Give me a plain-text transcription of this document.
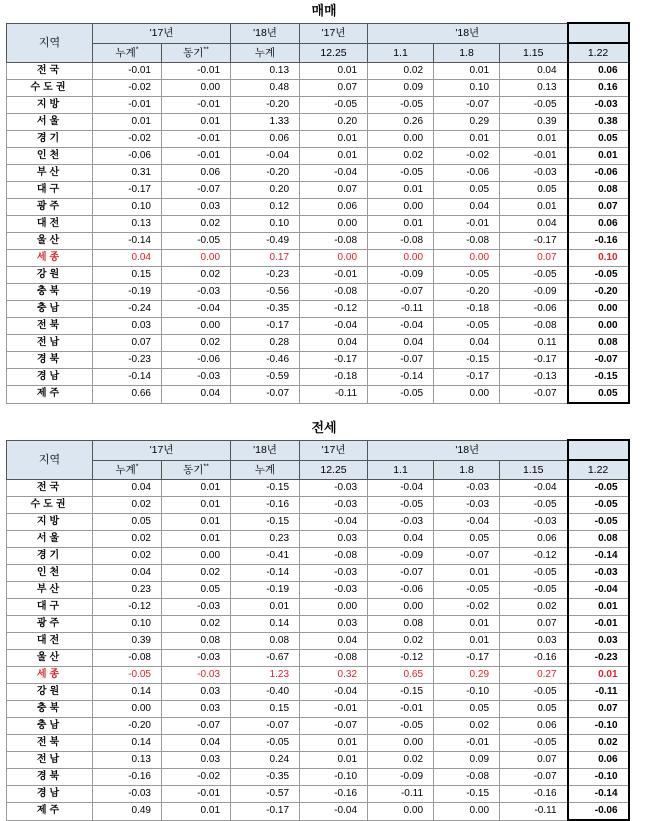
매매
지역	'17년		'18년	'17년	'18년			
	누계*	동기**	누계	12.25	1.1	1.8	1.15	1.22
전국	-0.01	-0.01	0.13	0.01	0.02	0.01	0.04	0.06
수도권	-0.02	0.00	0.48	0.07	0.09	0.10	0.13	0.16
지방	-0.01	-0.01	-0.20	-0.05	-0.05	-0.07	-0.05	-0.03
서울	0.01	0.01	1.33	0.20	0.26	0.29	0.39	0.38
경기	-0.02	-0.01	0.06	0.01	0.00	0.01	0.01	0.05
인천	-0.06	-0.01	-0.04	0.01	0.02	-0.02	-0.01	0.01
부산	0.31	0.06	-0.20	-0.04	-0.05	-0.06	-0.03	-0.06
대구	-0.17	-0.07	0.20	0.07	0.01	0.05	0.05	0.08
광주	0.10	0.03	0.12	0.06	0.00	0.04	0.01	0.07
대전	0.13	0.02	0.10	0.00	0.01	-0.01	0.04	0.06
울산	-0.14	-0.05	-0.49	-0.08	-0.08	-0.08	-0.17	-0.16
세종	0.04	0.00	0.17	0.00	0.00	0.00	0.07	0.10
강원	0.15	0.02	-0.23	-0.01	-0.09	-0.05	-0.05	-0.05
충북	-0.19	-0.03	-0.56	-0.08	-0.07	-0.20	-0.09	-0.20
충남	-0.24	-0.04	-0.35	-0.12	-0.11	-0.18	-0.06	0.00
전북	0.03	0.00	-0.17	-0.04	-0.04	-0.05	-0.08	0.00
전남	0.07	0.02	0.28	0.04	0.04	0.04	0.11	0.08
경북	-0.23	-0.06	-0.46	-0.17	-0.07	-0.15	-0.17	-0.07
경남	-0.14	-0.03	-0.59	-0.18	-0.14	-0.17	-0.13	-0.15
제주	0.66	0.04	-0.07	-0.11	-0.05	0.00	-0.07	0.05
전세
지역	'17년		'18년	'17년	'18년			
	누계*	동기**	누계	12.25	1.1	1.8	1.15	1.22
전국	0.04	0.01	-0.15	-0.03	-0.04	-0.03	-0.04	-0.05
수도권	0.02	0.01	-0.16	-0.03	-0.05	-0.03	-0.05	-0.05
지방	0.05	0.01	-0.15	-0.04	-0.03	-0.04	-0.03	-0.05
서울	0.02	0.01	0.23	0.03	0.04	0.05	0.06	0.08
경기	0.02	0.00	-0.41	-0.08	-0.09	-0.07	-0.12	-0.14
인천	0.04	0.02	-0.14	-0.03	-0.07	0.01	-0.05	-0.03
부산	0.23	0.05	-0.19	-0.03	-0.06	-0.05	-0.05	-0.04
대구	-0.12	-0.03	0.01	0.00	0.00	-0.02	0.02	0.01
광주	0.10	0.02	0.14	0.03	0.08	0.01	0.07	-0.01
대전	0.39	0.08	0.08	0.04	0.02	0.01	0.03	0.03
울산	-0.08	-0.03	-0.67	-0.08	-0.12	-0.17	-0.16	-0.23
세종	-0.05	-0.03	1.23	0.32	0.65	0.29	0.27	0.01
강원	0.14	0.03	-0.40	-0.04	-0.15	-0.10	-0.05	-0.11
충북	0.00	0.03	0.15	-0.01	-0.01	0.05	0.05	0.07
충남	-0.20	-0.07	-0.07	-0.07	-0.05	0.02	0.06	-0.10
전북	0.14	0.04	-0.05	0.01	0.00	-0.01	-0.05	0.02
전남	0.13	0.03	0.24	0.01	0.02	0.09	0.07	0.06
경북	-0.16	-0.02	-0.35	-0.10	-0.09	-0.08	-0.07	-0.10
경남	-0.03	-0.01	-0.57	-0.16	-0.11	-0.15	-0.16	-0.14
제주	0.49	0.01	-0.17	-0.04	0.00	0.00	-0.11	-0.06
